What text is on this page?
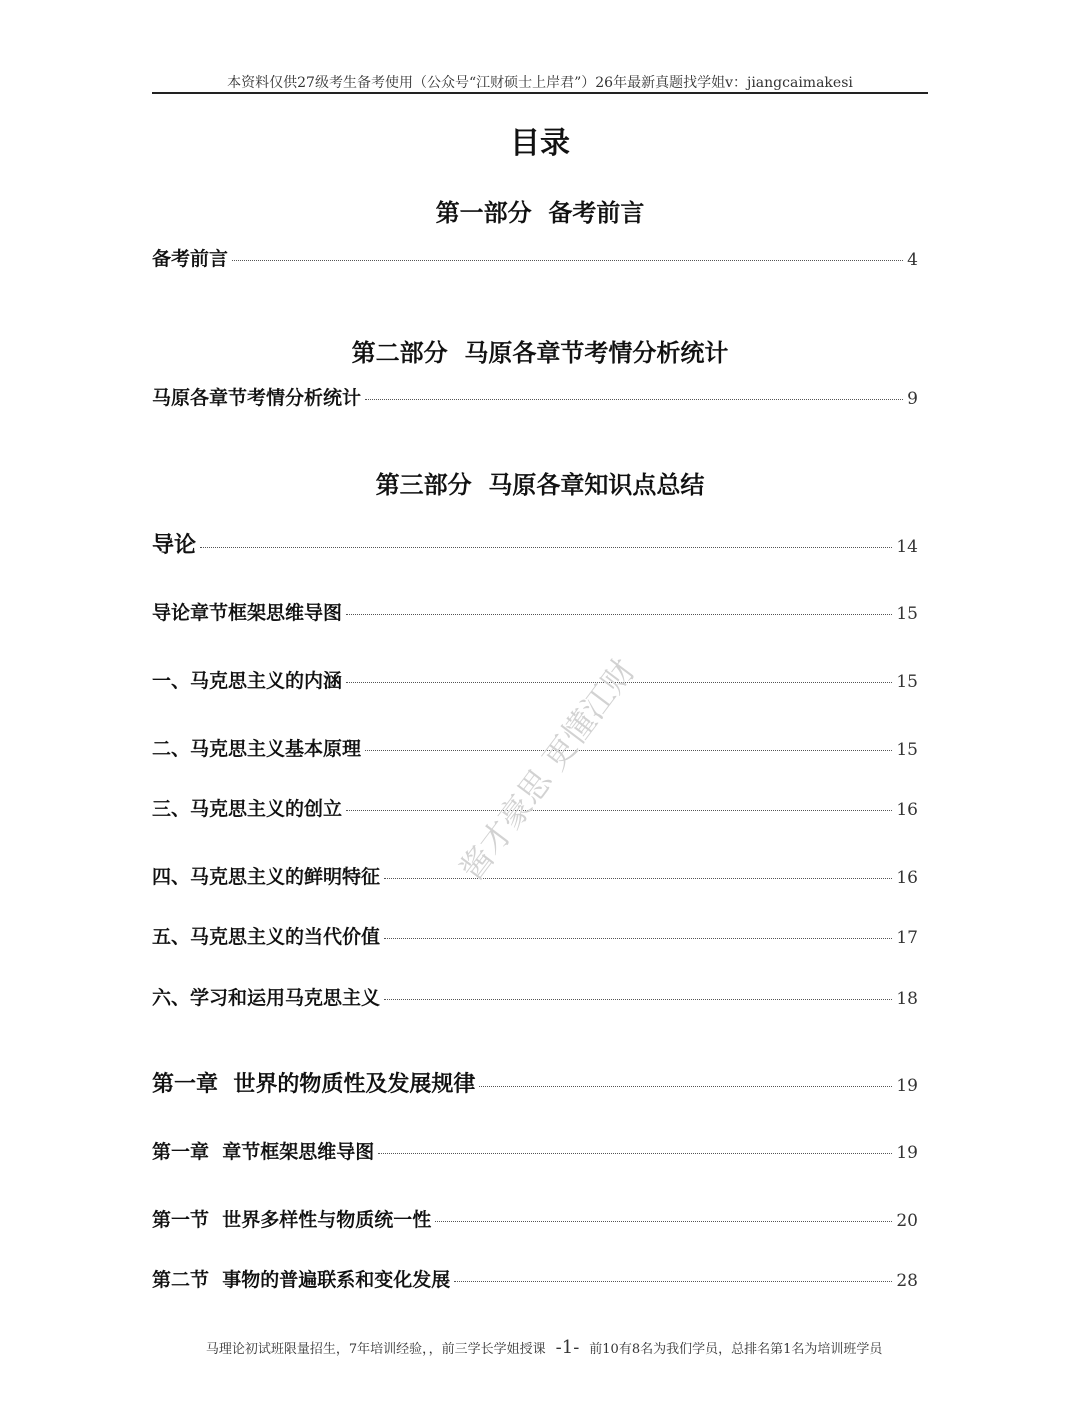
本资料仅供27级考生备考使用（公众号“江财硕士上岸君”）26年最新真题找学姐v：jiangcaimakesi
目录
第一部分  备考前言
备考前言	4
第二部分  马原各章节考情分析统计
马原各章节考情分析统计	9
第三部分  马原各章知识点总结
导论	14
导论章节框架思维导图	15
一、马克思主义的内涵	15
二、马克思主义基本原理	15
三、马克思主义的创立	16
四、马克思主义的鲜明特征	16
五、马克思主义的当代价值	17
六、学习和运用马克思主义	18
第一章  世界的物质性及发展规律	19
第一章  章节框架思维导图	19
第一节  世界多样性与物质统一性	20
第二节  事物的普遍联系和变化发展	28

马理论初试班限量招生，7年培训经验，，前三学长学姐授课 -1- 前10有8名为我们学员，总排名第1名为培训班学员

酱才豪思 更懂江财
